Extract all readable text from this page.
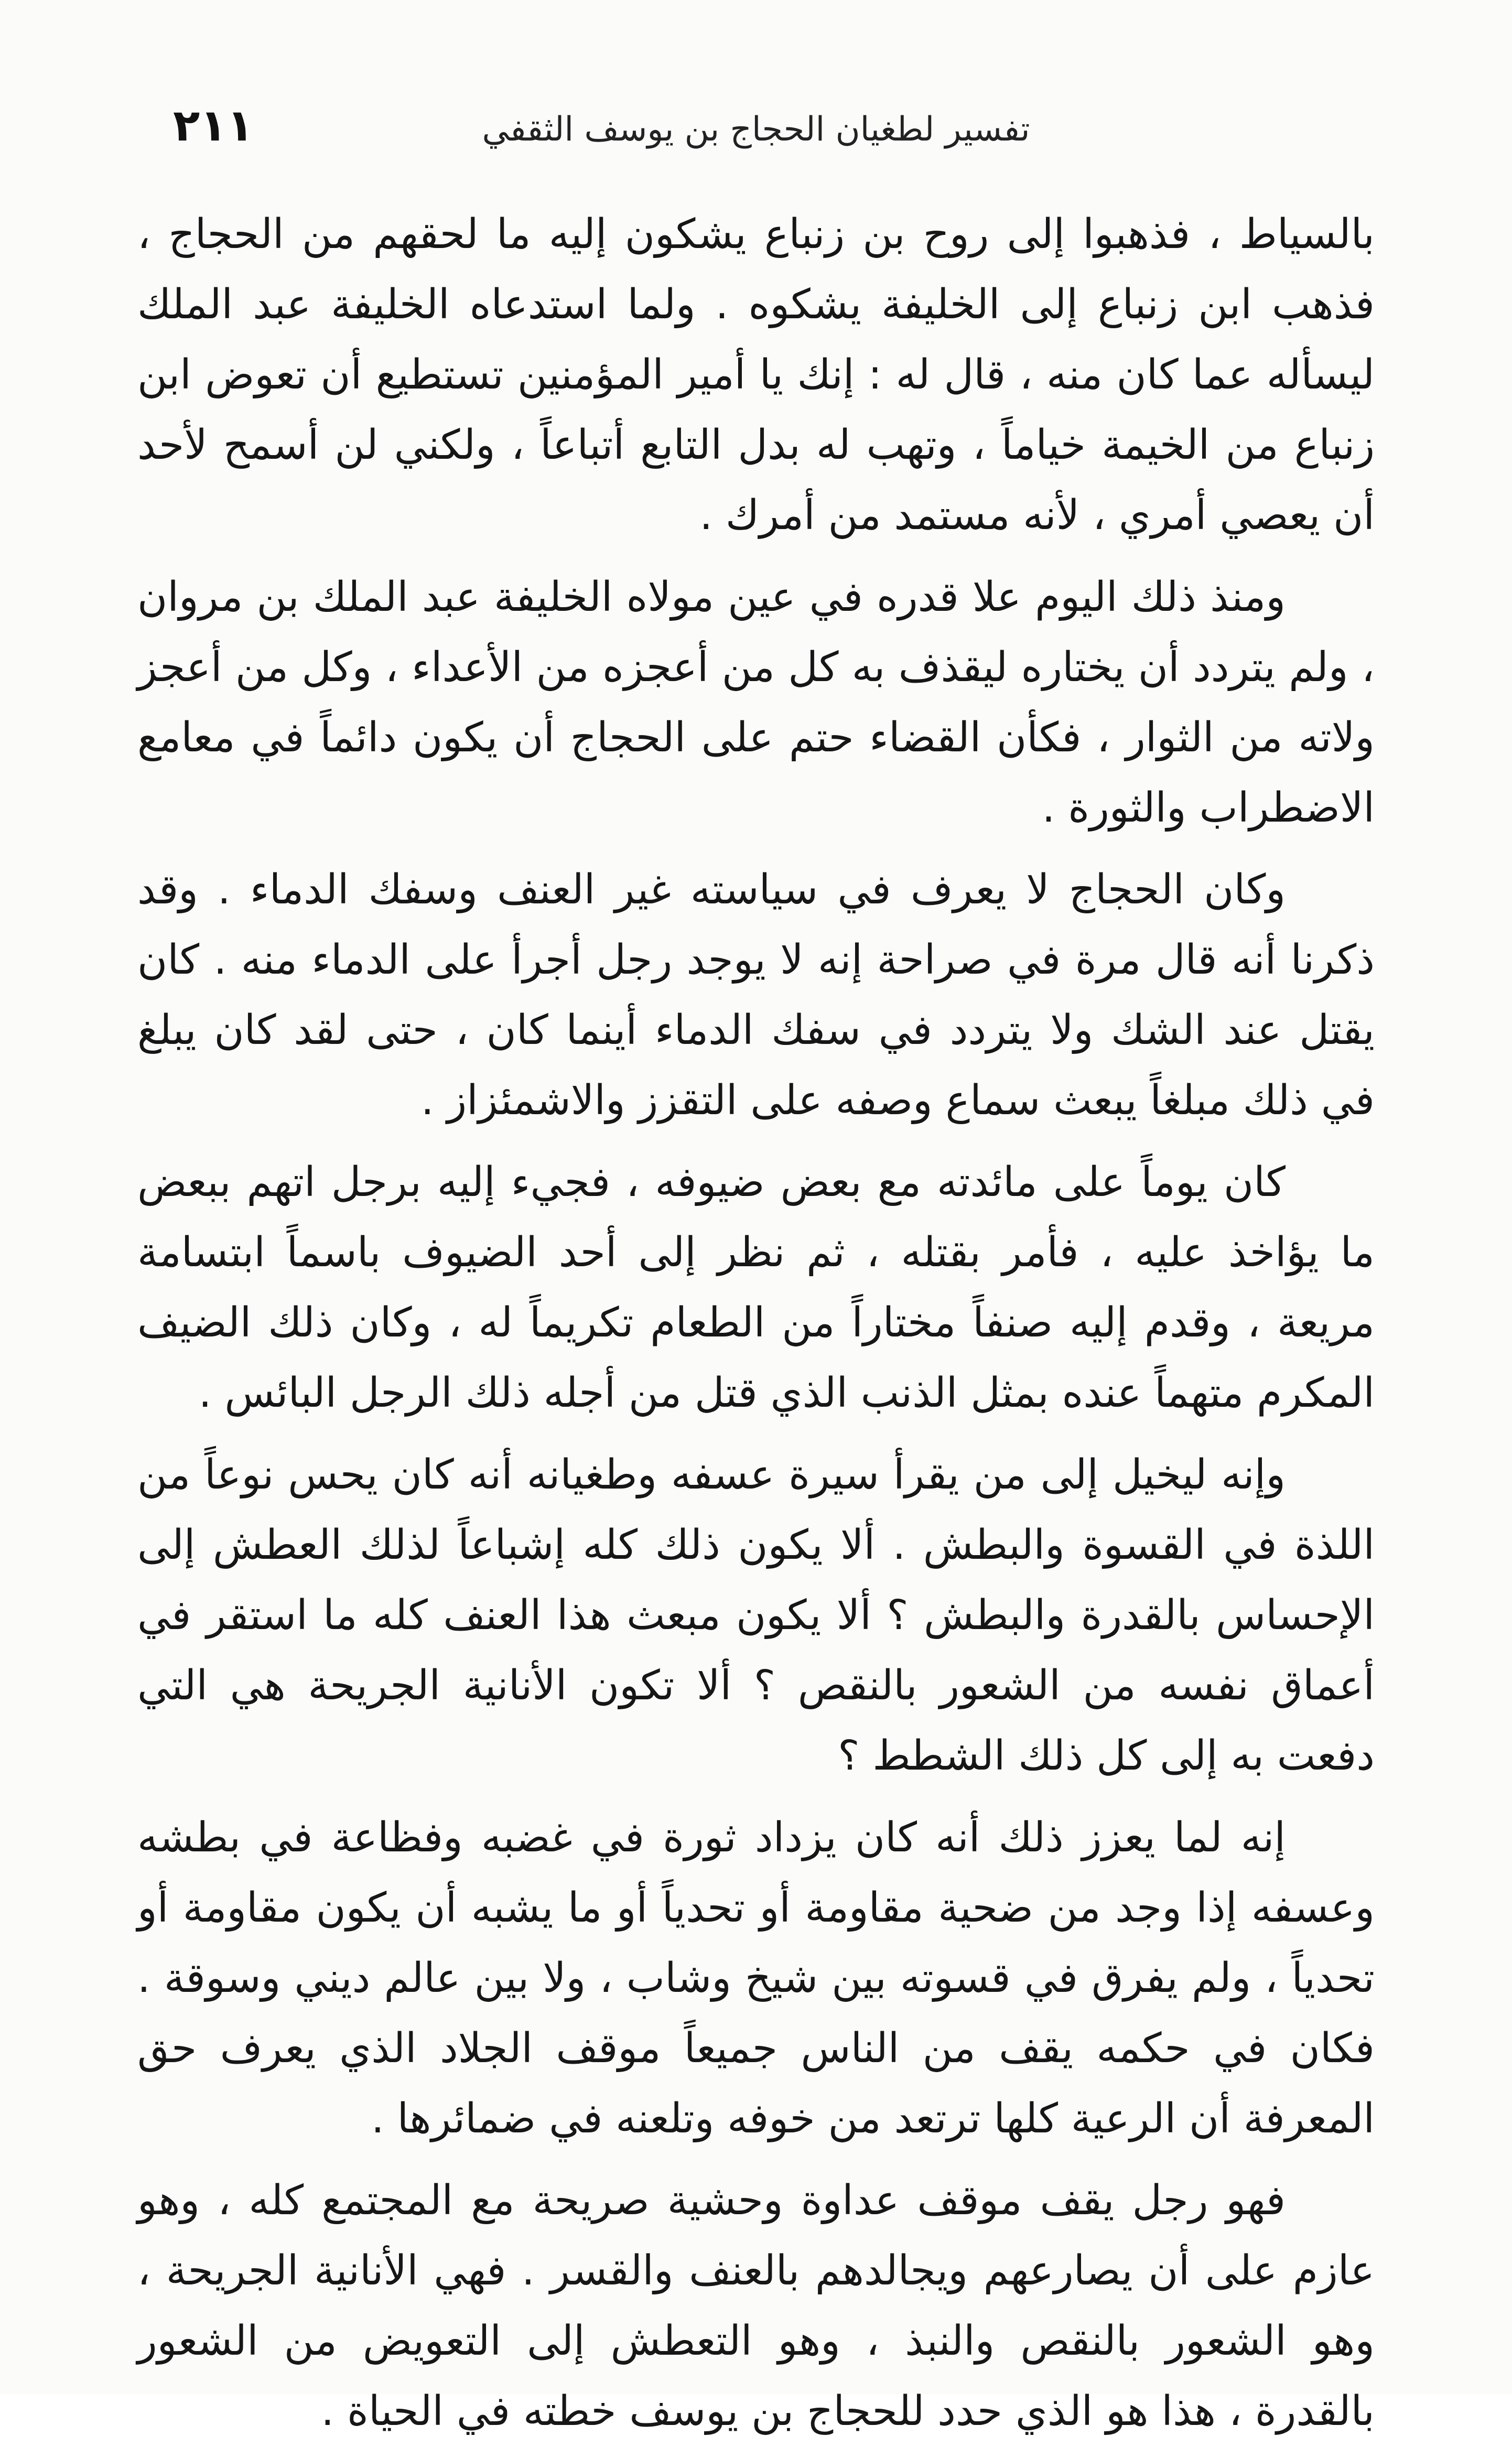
تفسير لطغيان الحجاج بن يوسف الثقفي
٢١١

بالسياط ، فذهبوا إلى روح بن زنباع يشكون إليه ما لحقهم من الحجاج ، فذهب ابن زنباع إلى الخليفة يشكوه . ولما استدعاه الخليفة عبد الملك ليسأله عما كان منه ، قال له : إنك يا أمير المؤمنين تستطيع أن تعوض ابن زنباع من الخيمة خياماً ، وتهب له بدل التابع أتباعاً ، ولكني لن أسمح لأحد أن يعصي أمري ، لأنه مستمد من أمرك .

ومنذ ذلك اليوم علا قدره في عين مولاه الخليفة عبد الملك بن مروان ، ولم يتردد أن يختاره ليقذف به كل من أعجزه من الأعداء ، وكل من أعجز ولاته من الثوار ، فكأن القضاء حتم على الحجاج أن يكون دائماً في معامع الاضطراب والثورة .

وكان الحجاج لا يعرف في سياسته غير العنف وسفك الدماء . وقد ذكرنا أنه قال مرة في صراحة إنه لا يوجد رجل أجرأ على الدماء منه . كان يقتل عند الشك ولا يتردد في سفك الدماء أينما كان ، حتى لقد كان يبلغ في ذلك مبلغاً يبعث سماع وصفه على التقزز والاشمئزاز .

كان يوماً على مائدته مع بعض ضيوفه ، فجيء إليه برجل اتهم ببعض ما يؤاخذ عليه ، فأمر بقتله ، ثم نظر إلى أحد الضيوف باسماً ابتسامة مريعة ، وقدم إليه صنفاً مختاراً من الطعام تكريماً له ، وكان ذلك الضيف المكرم متهماً عنده بمثل الذنب الذي قتل من أجله ذلك الرجل البائس .

وإنه ليخيل إلى من يقرأ سيرة عسفه وطغيانه أنه كان يحس نوعاً من اللذة في القسوة والبطش . ألا يكون ذلك كله إشباعاً لذلك العطش إلى الإحساس بالقدرة والبطش ؟ ألا يكون مبعث هذا العنف كله ما استقر في أعماق نفسه من الشعور بالنقص ؟ ألا تكون الأنانية الجريحة هي التي دفعت به إلى كل ذلك الشطط ؟

إنه لما يعزز ذلك أنه كان يزداد ثورة في غضبه وفظاعة في بطشه وعسفه إذا وجد من ضحية مقاومة أو تحدياً أو ما يشبه أن يكون مقاومة أو تحدياً ، ولم يفرق في قسوته بين شيخ وشاب ، ولا بين عالم ديني وسوقة . فكان في حكمه يقف من الناس جميعاً موقف الجلاد الذي يعرف حق المعرفة أن الرعية كلها ترتعد من خوفه وتلعنه في ضمائرها .

فهو رجل يقف موقف عداوة وحشية صريحة مع المجتمع كله ، وهو عازم على أن يصارعهم ويجالدهم بالعنف والقسر . فهي الأنانية الجريحة ، وهو الشعور بالنقص والنبذ ، وهو التعطش إلى التعويض من الشعور بالقدرة ، هذا هو الذي حدد للحجاج بن يوسف خطته في الحياة .
